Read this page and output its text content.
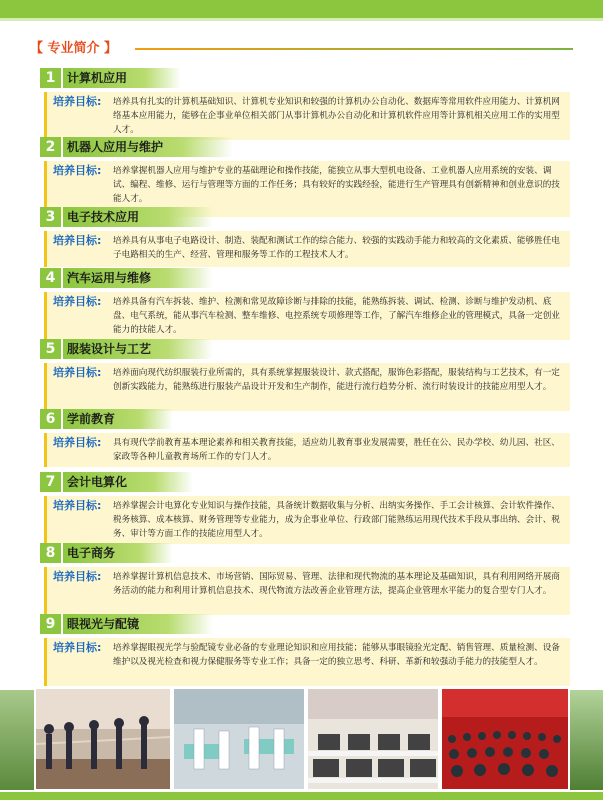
【 专业简介 】
1 计算机应用
培养目标:	培养具有扎实的计算机基础知识、计算机专业知识和较强的计算机办公自动化、数据库等常用软件应用能力、计算机网络基本应用能力，能够在企事业单位相关部门从事计算机办公自动化和计算机软件应用等计算机相关应用工作的实用型人才。
2 机器人应用与维护
培养目标:	培养掌握机器人应用与维护专业的基础理论和操作技能，能独立从事大型机电设备、工业机器人应用系统的安装、调试、编程、维修、运行与管理等方面的工作任务；具有较好的实践经验，能进行生产管理具有创新精神和创业意识的技能人才。
3 电子技术应用
培养目标:	培养具有从事电子电路设计、制造、装配和测试工作的综合能力、较强的实践动手能力和较高的文化素质、能够胜任电子电路相关的生产、经营、管理和服务等工作的工程技术人才。
4 汽车运用与维修
培养目标:	培养具备有汽车拆装、维护、检测和常见故障诊断与排除的技能，能熟练拆装、调试、检测、诊断与维护发动机、底盘、电气系统，能从事汽车检测、整车维修、电控系统专项修理等工作，了解汽车维修企业的管理模式，具备一定创业能力的技能人才。
5 服装设计与工艺
培养目标:	培养面向现代纺织服装行业所需的，具有系统掌握服装设计、款式搭配，服饰色彩搭配，服装结构与工艺技术，有一定创新实践能力，能熟练进行服装产品设计开发和生产制作，能进行流行趋势分析、流行时装设计的技能应用型人才。
6 学前教育
培养目标:	具有现代学前教育基本理论素养和相关教育技能，适应幼儿教育事业发展需要，胜任在公、民办学校、幼儿园、社区、家政等各种儿童教育场所工作的专门人才。
7 会计电算化
培养目标:	培养掌握会计电算化专业知识与操作技能，具备统计数据收集与分析、出纳实务操作、手工会计核算、会计软件操作、税务核算、成本核算、财务管理等专业能力，成为企事业单位、行政部门能熟练运用现代技术手段从事出纳、会计、税务、审计等方面工作的技能应用型人才。
8 电子商务
培养目标:	培养掌握计算机信息技术、市场营销、国际贸易、管理、法律和现代物流的基本理论及基础知识，具有利用网络开展商务活动的能力和利用计算机信息技术、现代物流方法改善企业管理方法，提高企业管理水平能力的复合型专门人才。
9 眼视光与配镜
培养目标:	培养掌握眼视光学与验配镜专业必备的专业理论知识和应用技能；能够从事眼镜验光定配、销售管理、质量检测、设备维护以及视光检查和视力保健服务等专业工作；具备一定的独立思考、科研、革新和较强动手能力的技能型人才。
